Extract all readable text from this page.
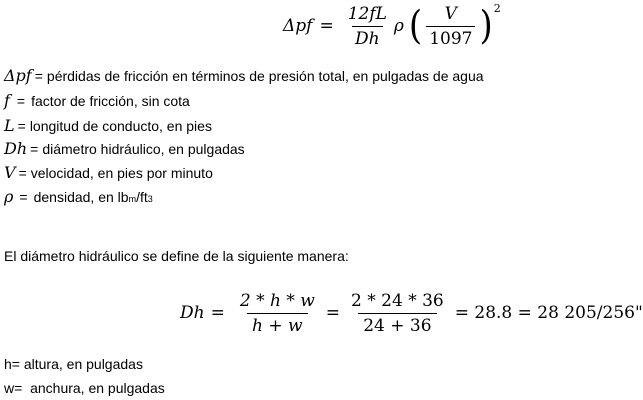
$\Delta pf = \frac{12fL}{Dh}$ ρ ( $\frac{V}{1097}$ ) 2
Δpf = pérdidas de fricción en términos de presión total, en pulgadas de agua
f = factor de fricción, sin cota
L = longitud de conducto, en pies
Dh = diámetro hidráulico, en pulgadas
V = velocidad, en pies por minuto
ρ = densidad, en lb m /ft 3
El diámetro hidráulico se define de la siguiente manera:
$Dh = \frac{2 * h * w}{h + w} = \frac{2 * 24 * 36}{24 + 36} = 28.8 = 28$ 205/256"
h= altura, en pulgadas
w=  anchura, en pulgadas
